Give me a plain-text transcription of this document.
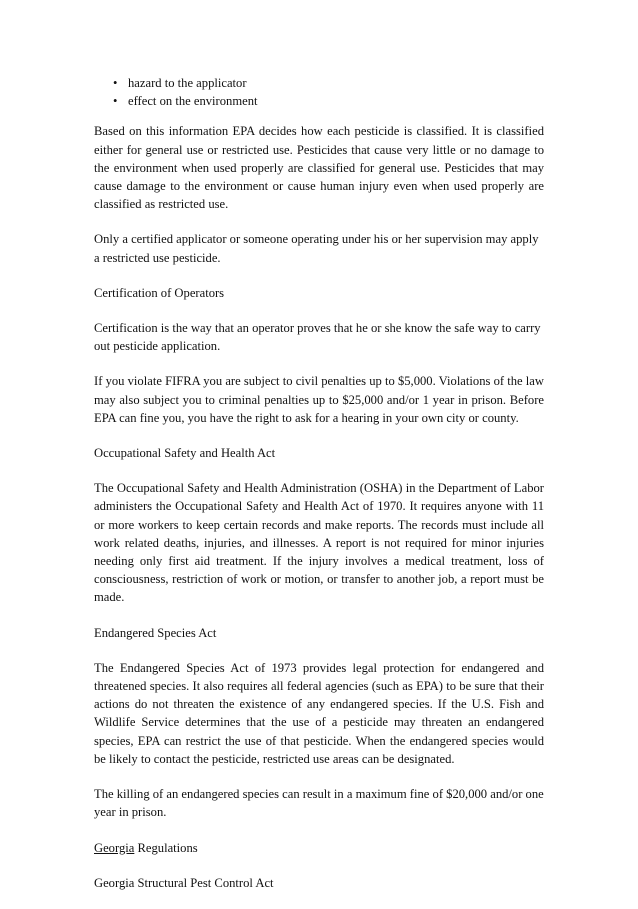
• hazard to the applicator
• effect on the environment

Based on this information EPA decides how each pesticide is classified. It is classified either for general use or restricted use. Pesticides that cause very little or no damage to the environment when used properly are classified for general use. Pesticides that may cause damage to the environment or cause human injury even when used properly are classified as restricted use.

Only a certified applicator or someone operating under his or her supervision may apply a restricted use pesticide.

Certification of Operators

Certification is the way that an operator proves that he or she know the safe way to carry out pesticide application.

If you violate FIFRA you are subject to civil penalties up to $5,000. Violations of the law may also subject you to criminal penalties up to $25,000 and/or 1 year in prison. Before EPA can fine you, you have the right to ask for a hearing in your own city or county.

Occupational Safety and Health Act

The Occupational Safety and Health Administration (OSHA) in the Department of Labor administers the Occupational Safety and Health Act of 1970. It requires anyone with 11 or more workers to keep certain records and make reports. The records must include all work related deaths, injuries, and illnesses. A report is not required for minor injuries needing only first aid treatment. If the injury involves a medical treatment, loss of consciousness, restriction of work or motion, or transfer to another job, a report must be made.

Endangered Species Act

The Endangered Species Act of 1973 provides legal protection for endangered and threatened species. It also requires all federal agencies (such as EPA) to be sure that their actions do not threaten the existence of any endangered species. If the U.S. Fish and Wildlife Service determines that the use of a pesticide may threaten an endangered species, EPA can restrict the use of that pesticide. When the endangered species would be likely to contact the pesticide, restricted use areas can be designated.

The killing of an endangered species can result in a maximum fine of $20,000 and/or one year in prison.

Georgia Regulations

Georgia Structural Pest Control Act
